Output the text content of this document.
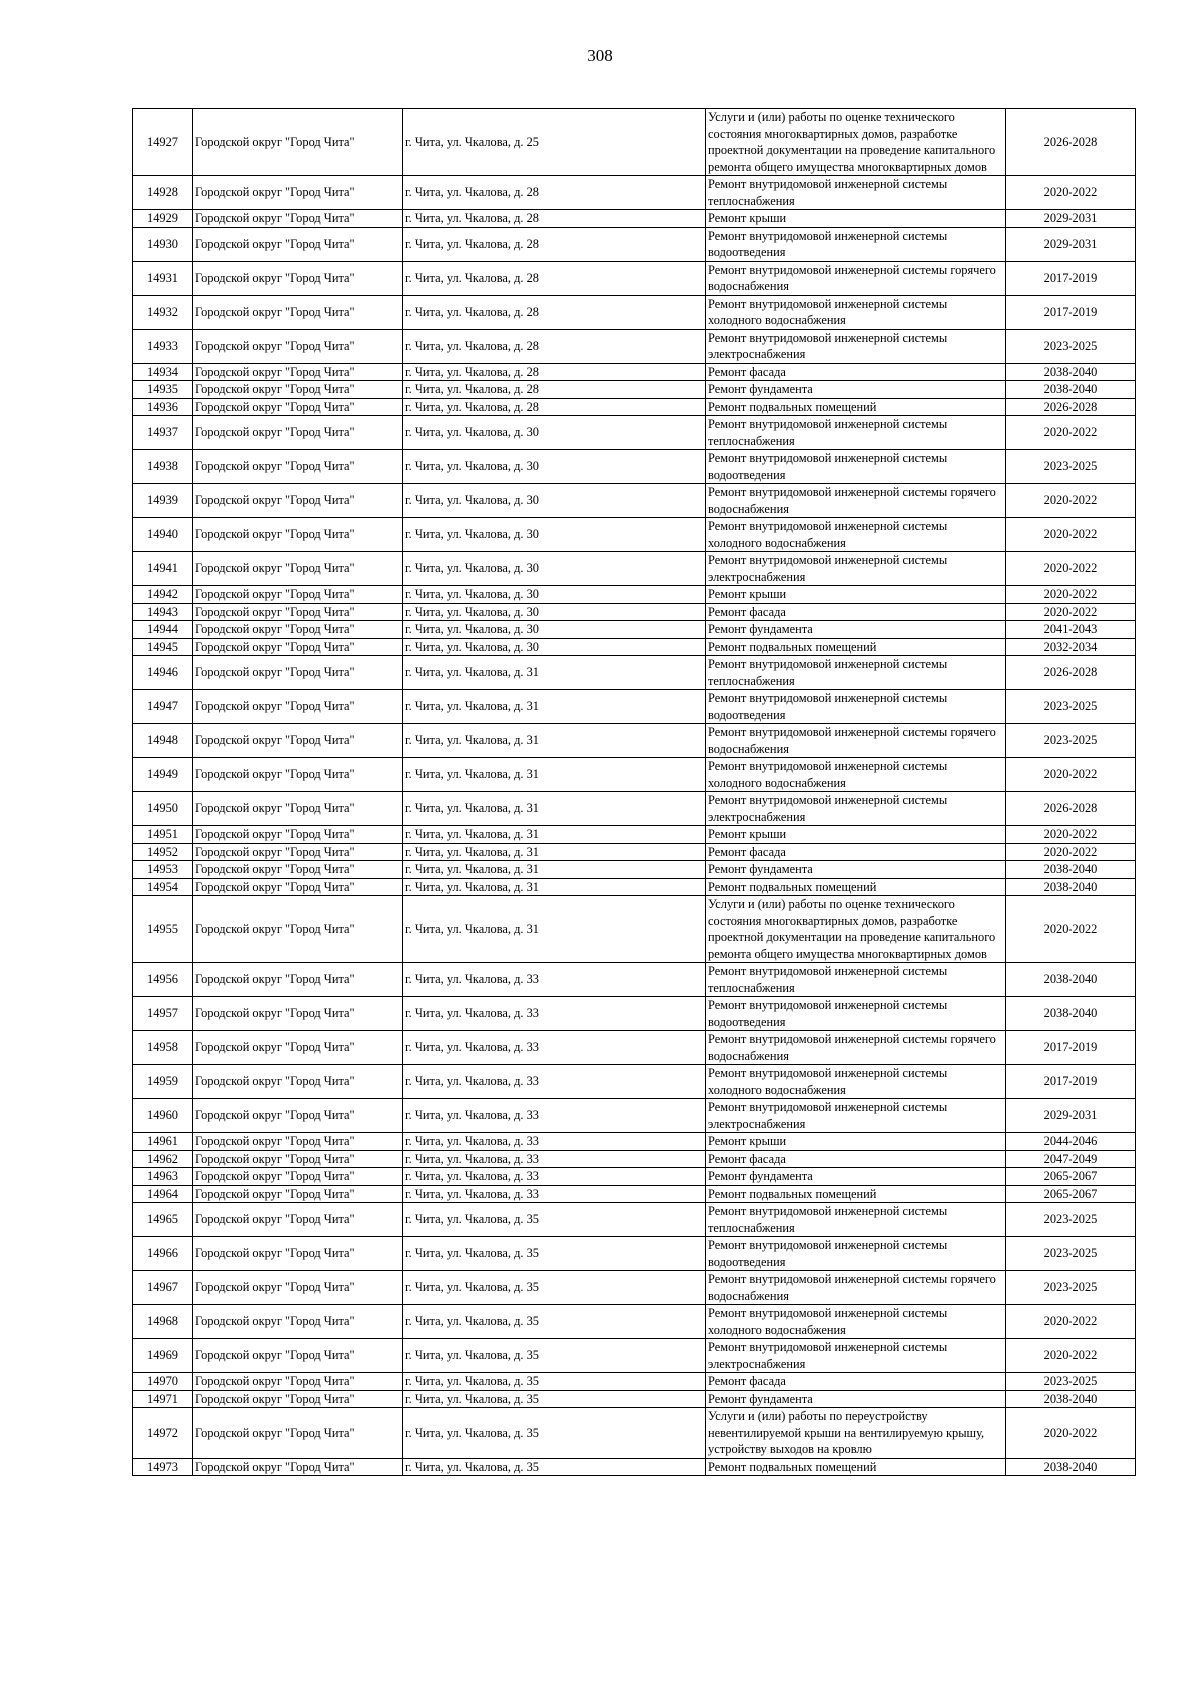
308
14927	Городской округ "Город Чита"	г. Чита, ул. Чкалова, д. 25	Услуги и (или) работы по оценке технического состояния многоквартирных домов, разработке проектной документации на проведение капитального ремонта общего имущества многоквартирных домов	2026-2028
14928	Городской округ "Город Чита"	г. Чита, ул. Чкалова, д. 28	Ремонт внутридомовой инженерной системы теплоснабжения	2020-2022
14929	Городской округ "Город Чита"	г. Чита, ул. Чкалова, д. 28	Ремонт крыши	2029-2031
14930	Городской округ "Город Чита"	г. Чита, ул. Чкалова, д. 28	Ремонт внутридомовой инженерной системы водоотведения	2029-2031
14931	Городской округ "Город Чита"	г. Чита, ул. Чкалова, д. 28	Ремонт внутридомовой инженерной системы горячего водоснабжения	2017-2019
14932	Городской округ "Город Чита"	г. Чита, ул. Чкалова, д. 28	Ремонт внутридомовой инженерной системы холодного водоснабжения	2017-2019
14933	Городской округ "Город Чита"	г. Чита, ул. Чкалова, д. 28	Ремонт внутридомовой инженерной системы электроснабжения	2023-2025
14934	Городской округ "Город Чита"	г. Чита, ул. Чкалова, д. 28	Ремонт фасада	2038-2040
14935	Городской округ "Город Чита"	г. Чита, ул. Чкалова, д. 28	Ремонт фундамента	2038-2040
14936	Городской округ "Город Чита"	г. Чита, ул. Чкалова, д. 28	Ремонт подвальных помещений	2026-2028
14937	Городской округ "Город Чита"	г. Чита, ул. Чкалова, д. 30	Ремонт внутридомовой инженерной системы теплоснабжения	2020-2022
14938	Городской округ "Город Чита"	г. Чита, ул. Чкалова, д. 30	Ремонт внутридомовой инженерной системы водоотведения	2023-2025
14939	Городской округ "Город Чита"	г. Чита, ул. Чкалова, д. 30	Ремонт внутридомовой инженерной системы горячего водоснабжения	2020-2022
14940	Городской округ "Город Чита"	г. Чита, ул. Чкалова, д. 30	Ремонт внутридомовой инженерной системы холодного водоснабжения	2020-2022
14941	Городской округ "Город Чита"	г. Чита, ул. Чкалова, д. 30	Ремонт внутридомовой инженерной системы электроснабжения	2020-2022
14942	Городской округ "Город Чита"	г. Чита, ул. Чкалова, д. 30	Ремонт крыши	2020-2022
14943	Городской округ "Город Чита"	г. Чита, ул. Чкалова, д. 30	Ремонт фасада	2020-2022
14944	Городской округ "Город Чита"	г. Чита, ул. Чкалова, д. 30	Ремонт фундамента	2041-2043
14945	Городской округ "Город Чита"	г. Чита, ул. Чкалова, д. 30	Ремонт подвальных помещений	2032-2034
14946	Городской округ "Город Чита"	г. Чита, ул. Чкалова, д. 31	Ремонт внутридомовой инженерной системы теплоснабжения	2026-2028
14947	Городской округ "Город Чита"	г. Чита, ул. Чкалова, д. 31	Ремонт внутридомовой инженерной системы водоотведения	2023-2025
14948	Городской округ "Город Чита"	г. Чита, ул. Чкалова, д. 31	Ремонт внутридомовой инженерной системы горячего водоснабжения	2023-2025
14949	Городской округ "Город Чита"	г. Чита, ул. Чкалова, д. 31	Ремонт внутридомовой инженерной системы холодного водоснабжения	2020-2022
14950	Городской округ "Город Чита"	г. Чита, ул. Чкалова, д. 31	Ремонт внутридомовой инженерной системы электроснабжения	2026-2028
14951	Городской округ "Город Чита"	г. Чита, ул. Чкалова, д. 31	Ремонт крыши	2020-2022
14952	Городской округ "Город Чита"	г. Чита, ул. Чкалова, д. 31	Ремонт фасада	2020-2022
14953	Городской округ "Город Чита"	г. Чита, ул. Чкалова, д. 31	Ремонт фундамента	2038-2040
14954	Городской округ "Город Чита"	г. Чита, ул. Чкалова, д. 31	Ремонт подвальных помещений	2038-2040
14955	Городской округ "Город Чита"	г. Чита, ул. Чкалова, д. 31	Услуги и (или) работы по оценке технического состояния многоквартирных домов, разработке проектной документации на проведение капитального ремонта общего имущества многоквартирных домов	2020-2022
14956	Городской округ "Город Чита"	г. Чита, ул. Чкалова, д. 33	Ремонт внутридомовой инженерной системы теплоснабжения	2038-2040
14957	Городской округ "Город Чита"	г. Чита, ул. Чкалова, д. 33	Ремонт внутридомовой инженерной системы водоотведения	2038-2040
14958	Городской округ "Город Чита"	г. Чита, ул. Чкалова, д. 33	Ремонт внутридомовой инженерной системы горячего водоснабжения	2017-2019
14959	Городской округ "Город Чита"	г. Чита, ул. Чкалова, д. 33	Ремонт внутридомовой инженерной системы холодного водоснабжения	2017-2019
14960	Городской округ "Город Чита"	г. Чита, ул. Чкалова, д. 33	Ремонт внутридомовой инженерной системы электроснабжения	2029-2031
14961	Городской округ "Город Чита"	г. Чита, ул. Чкалова, д. 33	Ремонт крыши	2044-2046
14962	Городской округ "Город Чита"	г. Чита, ул. Чкалова, д. 33	Ремонт фасада	2047-2049
14963	Городской округ "Город Чита"	г. Чита, ул. Чкалова, д. 33	Ремонт фундамента	2065-2067
14964	Городской округ "Город Чита"	г. Чита, ул. Чкалова, д. 33	Ремонт подвальных помещений	2065-2067
14965	Городской округ "Город Чита"	г. Чита, ул. Чкалова, д. 35	Ремонт внутридомовой инженерной системы теплоснабжения	2023-2025
14966	Городской округ "Город Чита"	г. Чита, ул. Чкалова, д. 35	Ремонт внутридомовой инженерной системы водоотведения	2023-2025
14967	Городской округ "Город Чита"	г. Чита, ул. Чкалова, д. 35	Ремонт внутридомовой инженерной системы горячего водоснабжения	2023-2025
14968	Городской округ "Город Чита"	г. Чита, ул. Чкалова, д. 35	Ремонт внутридомовой инженерной системы холодного водоснабжения	2020-2022
14969	Городской округ "Город Чита"	г. Чита, ул. Чкалова, д. 35	Ремонт внутридомовой инженерной системы электроснабжения	2020-2022
14970	Городской округ "Город Чита"	г. Чита, ул. Чкалова, д. 35	Ремонт фасада	2023-2025
14971	Городской округ "Город Чита"	г. Чита, ул. Чкалова, д. 35	Ремонт фундамента	2038-2040
14972	Городской округ "Город Чита"	г. Чита, ул. Чкалова, д. 35	Услуги и (или) работы по переустройству невентилируемой крыши на вентилируемую крышу, устройству выходов на кровлю	2020-2022
14973	Городской округ "Город Чита"	г. Чита, ул. Чкалова, д. 35	Ремонт подвальных помещений	2038-2040
